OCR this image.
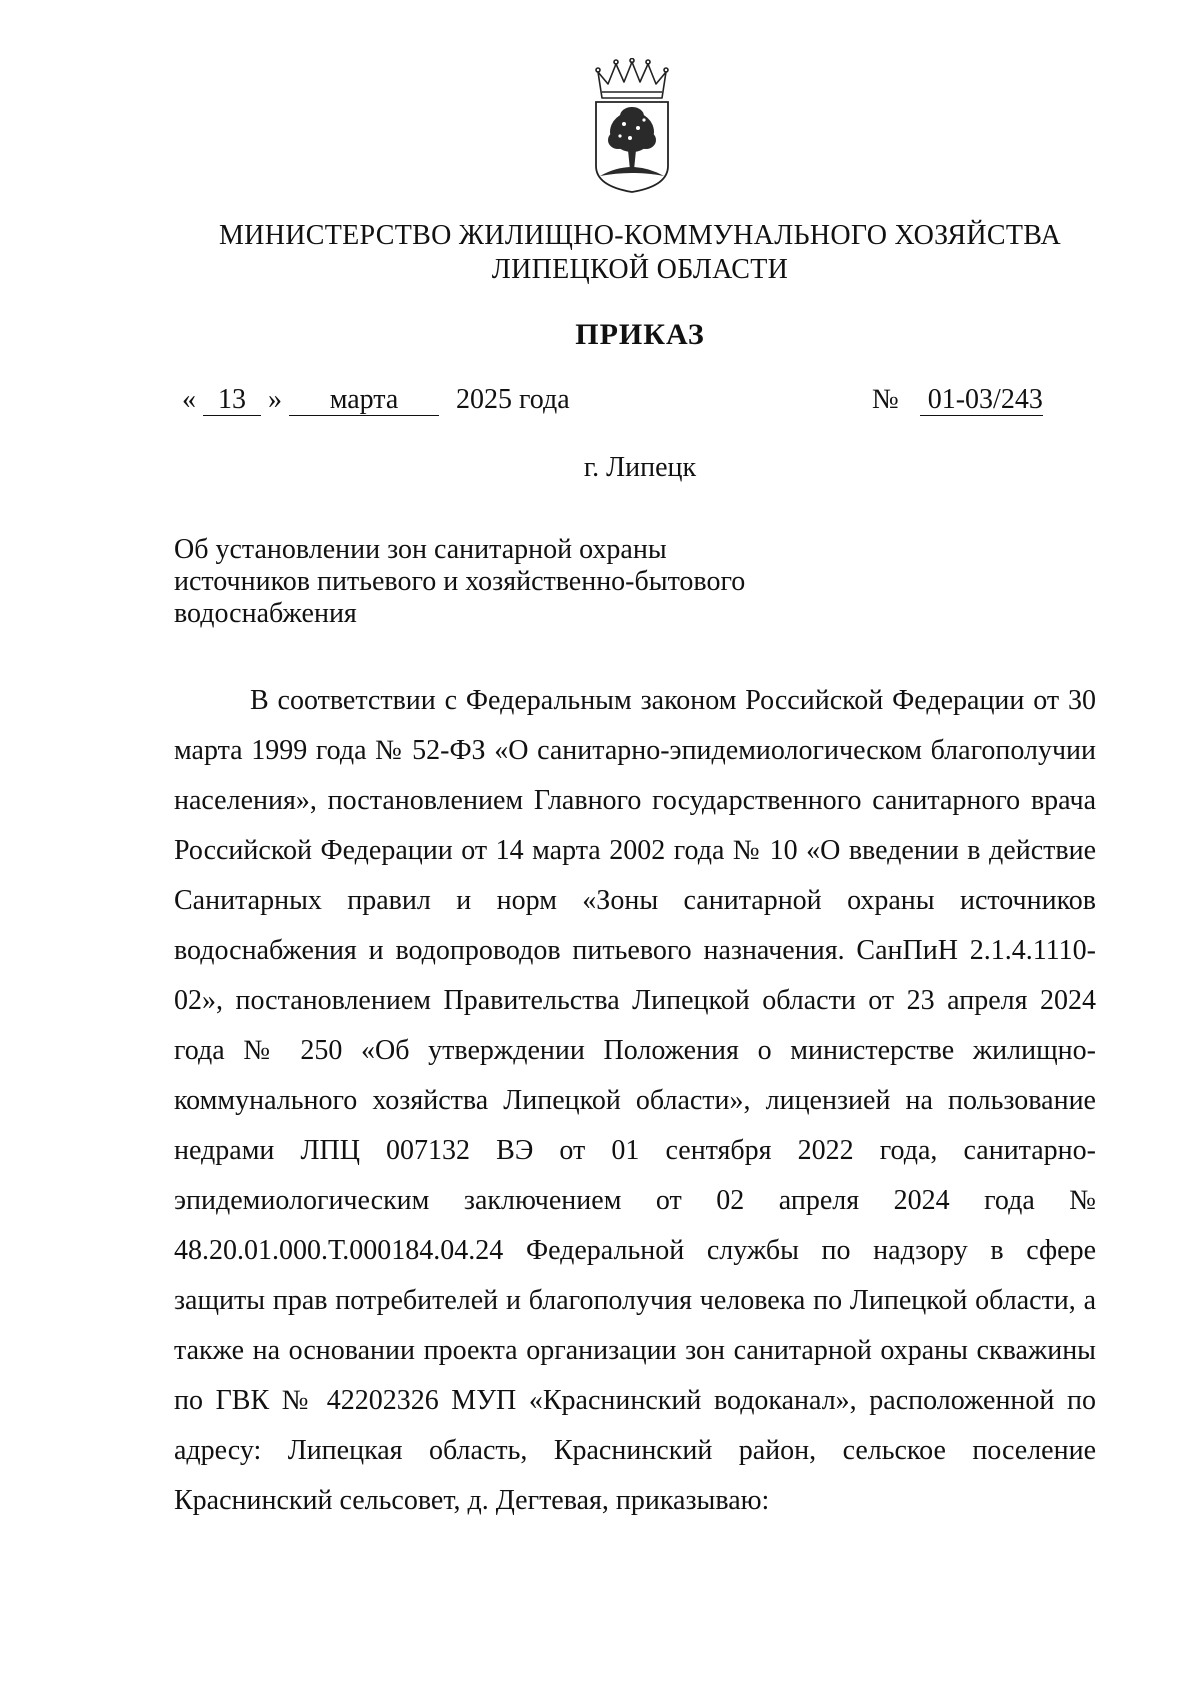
МИНИСТЕРСТВО ЖИЛИЩНО-КОММУНАЛЬНОГО ХОЗЯЙСТВА
ЛИПЕЦКОЙ ОБЛАСТИ
ПРИКАЗ
« 13 » марта 2025 года	№ 01-03/243
г. Липецк
Об установлении зон санитарной охраны
источников питьевого и хозяйственно-бытового
водоснабжения

В соответствии с Федеральным законом Российской Федерации от 30 марта 1999 года № 52-ФЗ «О санитарно-эпидемиологическом благополучии населения», постановлением Главного государственного санитарного врача Российской Федерации от 14 марта 2002 года № 10 «О введении в действие Санитарных правил и норм «Зоны санитарной охраны источников водоснабжения и водопроводов питьевого назначения. СанПиН 2.1.4.1110-02», постановлением Правительства Липецкой области от 23 апреля 2024 года № 250 «Об утверждении Положения о министерстве жилищно-коммунального хозяйства Липецкой области», лицензией на пользование недрами ЛПЦ 007132 ВЭ от 01 сентября 2022 года, санитарно-эпидемиологическим заключением от 02 апреля 2024 года № 48.20.01.000.Т.000184.04.24 Федеральной службы по надзору в сфере защиты прав потребителей и благополучия человека по Липецкой области, а также на основании проекта организации зон санитарной охраны скважины по ГВК № 42202326 МУП «Краснинский водоканал», расположенной по адресу: Липецкая область, Краснинский район, сельское поселение Краснинский сельсовет, д. Дегтевая, приказываю:
